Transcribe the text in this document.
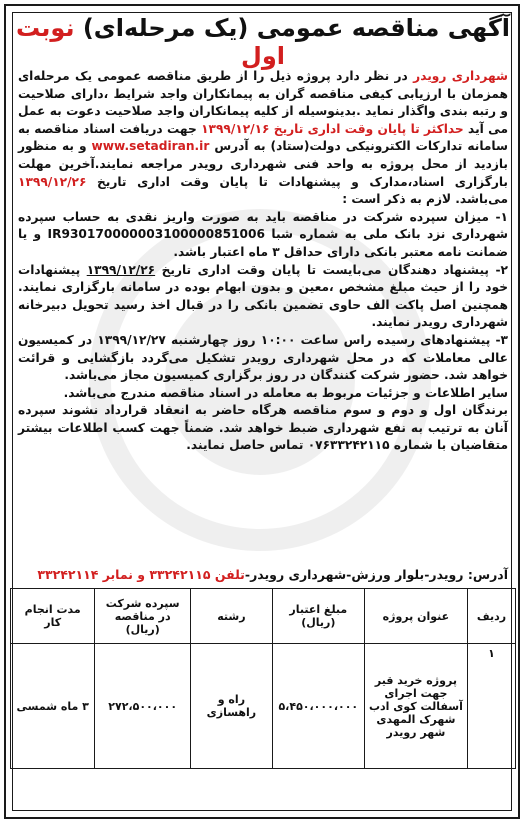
آگهی مناقصه عمومی (یک مرحله‌ای) نوبت اول

شهرداری رویدر در نظر دارد پروژه ذیل را از طریق مناقصه عمومی یک مرحله‌ای همزمان با ارزیابی کیفی مناقصه گران به پیمانکاران واجد شرایط ،دارای صلاحیت و رتبه بندی واگذار نماید .بدینوسیله از کلیه پیمانکاران واجد صلاحیت دعوت به عمل می آید حداکثر تا پایان وقت اداری تاریخ ۱۳۹۹/۱۲/۱۶ جهت دریافت اسناد مناقصه به سامانه تدارکات الکترونیکی دولت(ستاد) به آدرس www.setadiran.ir و به منظور بازدید از محل پروژه به واحد فنی شهرداری رویدر مراجعه نمایند.آخرین مهلت بارگزاری اسناد،مدارک و پیشنهادات تا پایان وقت اداری تاریخ ۱۳۹۹/۱۲/۲۶ می‌باشد. لازم به ذکر است :

۱- میزان سپرده شرکت در مناقصه باید به صورت واریز نقدی به حساب سپرده شهرداری نزد بانک ملی به شماره شبا IR930170000003100000851006 و یا ضمانت نامه معتبر بانکی دارای حداقل ۳ ماه اعتبار باشد.

۲- پیشنهاد دهندگان می‌بایست تا پایان وقت اداری تاریخ ۱۳۹۹/۱۲/۲۶ پیشنهادات خود را از حیث مبلغ مشخص ،معین و بدون ابهام بوده در سامانه بارگزاری نمایند. همچنین اصل پاکت الف حاوی تضمین بانکی را در قبال اخذ رسید تحویل دبیرخانه شهرداری رویدر نمایند.

۳- پیشنهادهای رسیده راس ساعت ۱۰:۰۰ روز چهارشنبه ۱۳۹۹/۱۲/۲۷ در کمیسیون عالی معاملات که در محل شهرداری رویدر تشکیل می‌گردد بازگشایی و قرائت خواهد شد. حضور شرکت کنندگان در روز برگزاری کمیسیون مجاز می‌باشد.

سایر اطلاعات و جزئیات مربوط به معامله در اسناد مناقصه مندرج می‌باشد.

برندگان اول و دوم و سوم مناقصه هرگاه حاضر به انعقاد قرارداد نشوند سپرده آنان به ترتیب به نفع شهرداری ضبط خواهد شد. ضمناً جهت کسب اطلاعات بیشتر متقاضیان با شماره ۰۷۶۳۳۲۴۲۱۱۵ تماس حاصل نمایند.

آدرس: رویدر-بلوار ورزش-شهرداری رویدر-تلفن ۳۳۲۴۲۱۱۵ و نمابر ۳۳۲۴۲۱۱۴
ردیف	عنوان پروژه	مبلغ اعتبار (ریال)	رشته	سپرده شرکت در مناقصه (ریال)	مدت انجام کار
۱	پروژه خرید قیر جهت اجرای آسفالت کوی ادب شهرک المهدی شهر رویدر	۵،۴۵۰،۰۰۰،۰۰۰	راه و راهسازی	۲۷۲،۵۰۰،۰۰۰	۳ ماه شمسی
